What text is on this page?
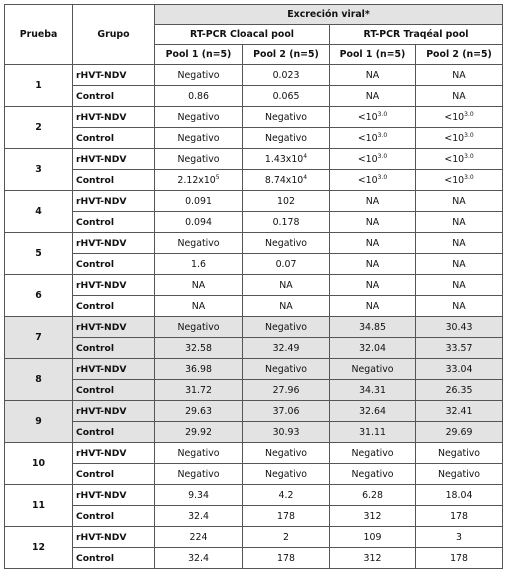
Prueba	Grupo	Excreción viral*			
		RT-PCR Cloacal pool		RT-PCR Traqéal pool	
		Pool 1 (n=5)	Pool 2 (n=5)	Pool 1 (n=5)	Pool 2 (n=5)
1	rHVT-NDV	Negativo	0.023	NA	NA
	Control	0.86	0.065	NA	NA
2	rHVT-NDV	Negativo	Negativo	$<10^{3.0}$	$<10^{3.0}$
	Control	Negativo	Negativo	$<10^{3.0}$	$<10^{3.0}$
3	rHVT-NDV	Negativo	$1.43x10^4$	$<10^{3.0}$	$<10^{3.0}$
	Control	$2.12x10^5$	$8.74x10^4$	$<10^{3.0}$	$<10^{3.0}$
4	rHVT-NDV	0.091	102	NA	NA
	Control	0.094	0.178	NA	NA
5	rHVT-NDV	Negativo	Negativo	NA	NA
	Control	1.6	0.07	NA	NA
6	rHVT-NDV	NA	NA	NA	NA
	Control	NA	NA	NA	NA
7	rHVT-NDV	Negativo	Negativo	34.85	30.43
	Control	32.58	32.49	32.04	33.57
8	rHVT-NDV	36.98	Negativo	Negativo	33.04
	Control	31.72	27.96	34.31	26.35
9	rHVT-NDV	29.63	37.06	32.64	32.41
	Control	29.92	30.93	31.11	29.69
10	rHVT-NDV	Negativo	Negativo	Negativo	Negativo
	Control	Negativo	Negativo	Negativo	Negativo
11	rHVT-NDV	9.34	4.2	6.28	18.04
	Control	32.4	178	312	178
12	rHVT-NDV	224	2	109	3
	Control	32.4	178	312	178
